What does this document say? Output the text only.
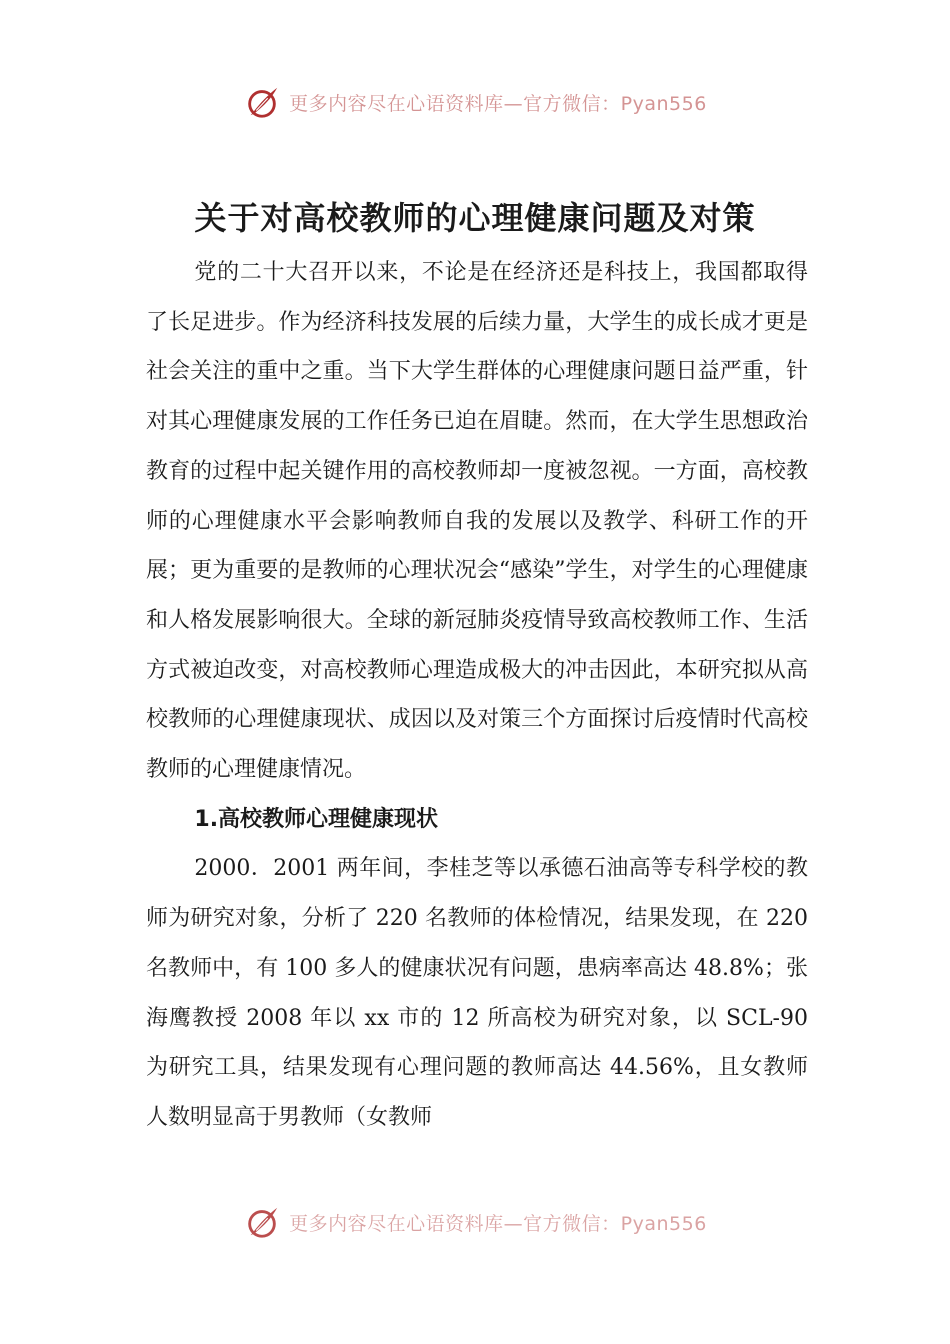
更多内容尽在心语资料库—官方微信：Pyan556
关于对高校教师的心理健康问题及对策

党的二十大召开以来，不论是在经济还是科技上，我国都取得了长足进步。作为经济科技发展的后续力量，大学生的成长成才更是社会关注的重中之重。当下大学生群体的心理健康问题日益严重，针对其心理健康发展的工作任务已迫在眉睫。然而，在大学生思想政治教育的过程中起关键作用的高校教师却一度被忽视。一方面，高校教师的心理健康水平会影响教师自我的发展以及教学、科研工作的开展；更为重要的是教师的心理状况会“感染”学生，对学生的心理健康和人格发展影响很大。全球的新冠肺炎疫情导致高校教师工作、生活方式被迫改变，对高校教师心理造成极大的冲击因此，本研究拟从高校教师的心理健康现状、成因以及对策三个方面探讨后疫情时代高校教师的心理健康情况。

1.高校教师心理健康现状

2000．2001 两年间，李桂芝等以承德石油高等专科学校的教师为研究对象，分析了 220 名教师的体检情况，结果发现，在 220 名教师中，有 100 多人的健康状况有问题，患病率高达 48.8%；张海鹰教授 2008 年以 xx 市的 12 所高校为研究对象，以 SCL-90 为研究工具，结果发现有心理问题的教师高达 44.56%，且女教师人数明显高于男教师（女教师

更多内容尽在心语资料库—官方微信：Pyan556
